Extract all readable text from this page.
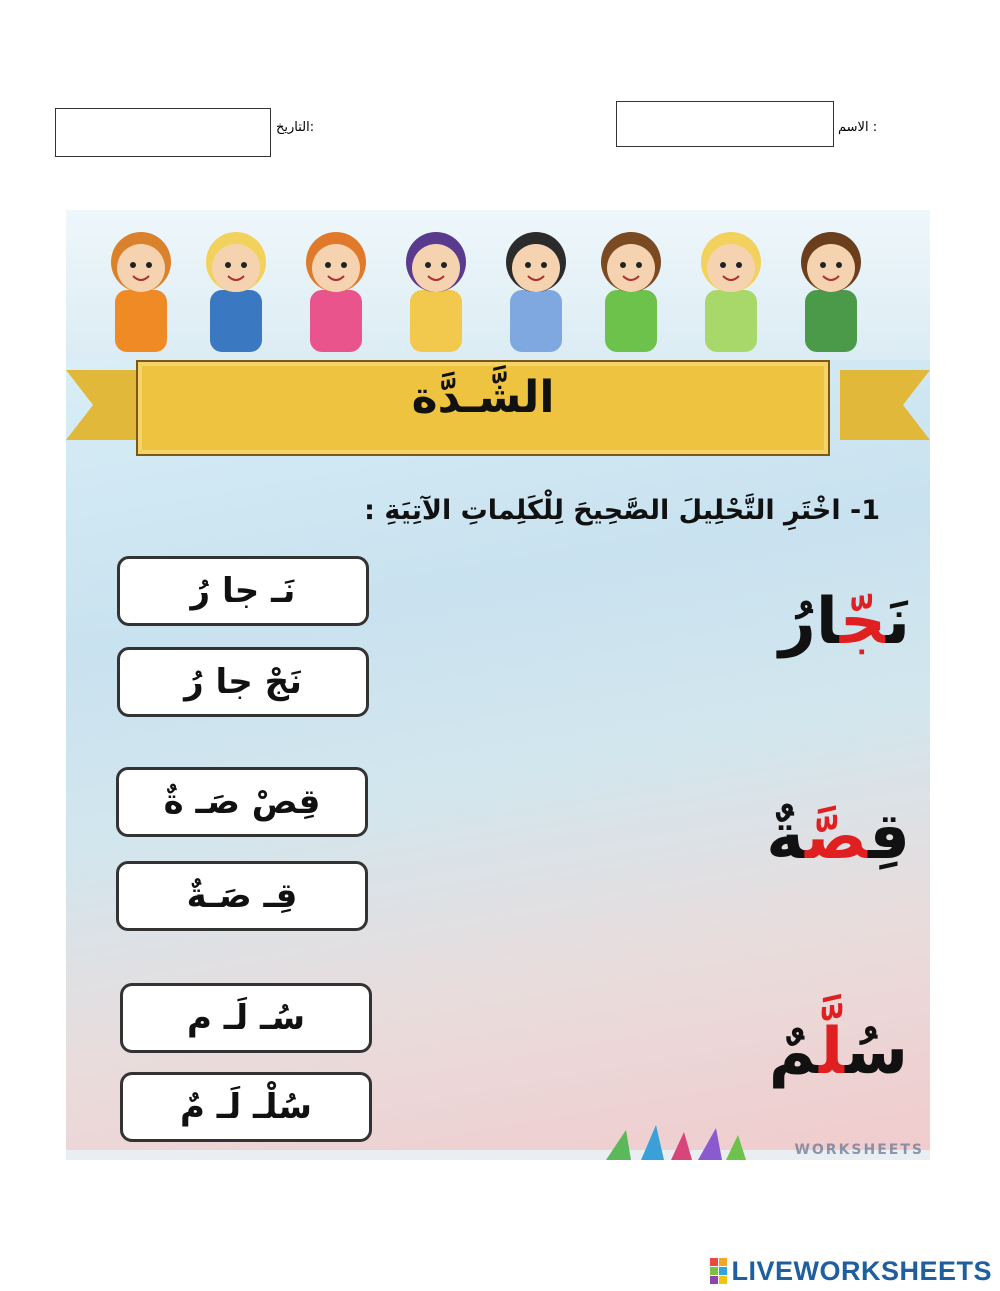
الاسم :
التاريخ:
الشَّـدَّة
1- اخْتَرِ التَّحْلِيلَ الصَّحِيحَ لِلْكَلِماتِ الآتِيَةِ :
نَجّارُ
نَـ جا رُ
نَجْ جا رُ
قِصَّةٌ
قِصْ صَـ ةٌ
قِـ صَـةٌ
سُلَّمٌ
سُـ لَـ م
سُلْـ لَـ مٌ
WORKSHEETS
LIVEWORKSHEETS
